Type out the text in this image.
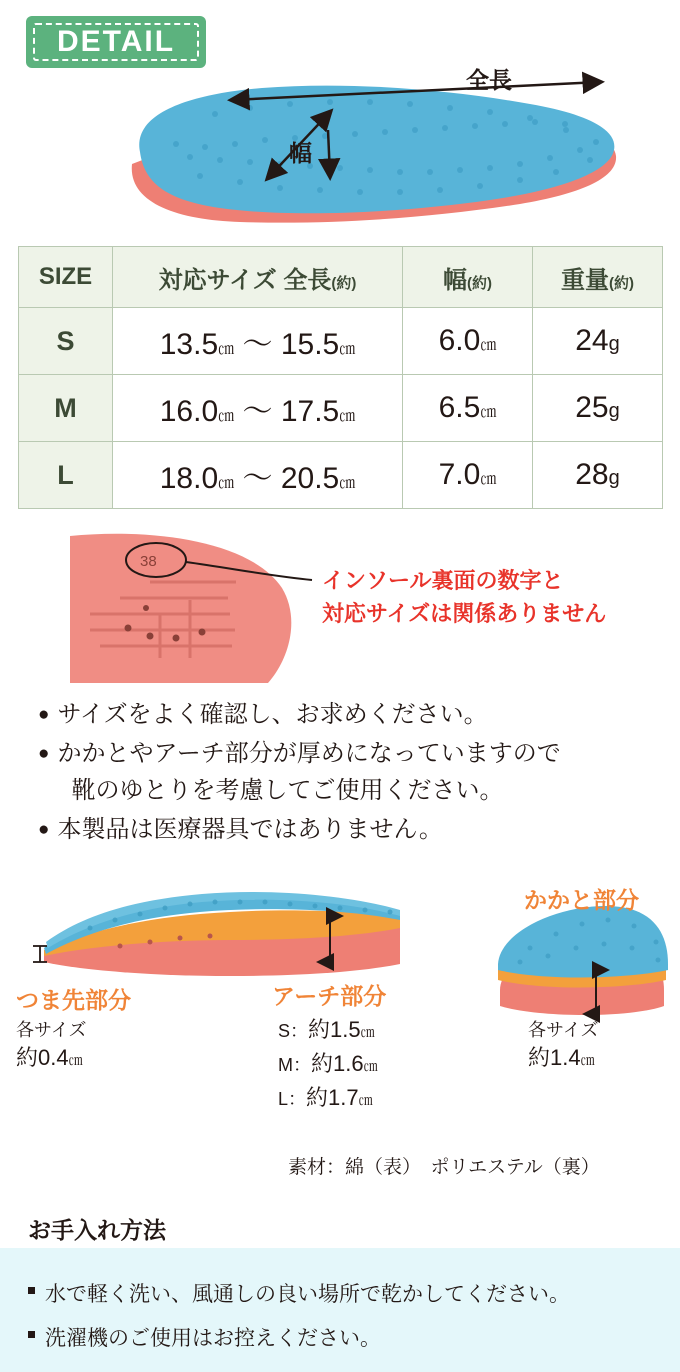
DETAIL
全長
幅
SIZE	対応サイズ 全長(約)	幅(約)	重量(約)
S	13.5㎝ ～ 15.5㎝	6.0㎝	24g
M	16.0㎝ ～ 17.5㎝	6.5㎝	25g
L	18.0㎝ ～ 20.5㎝	7.0㎝	28g
38
インソール裏面の数字と
対応サイズは関係ありません
● サイズをよく確認し、お求めください。
● かかとやアーチ部分が厚めになっていますので
靴のゆとりを考慮してご使用ください。
● 本製品は医療器具ではありません。
かかと部分
つま先部分	アーチ部分
各サイズ
約0.4㎝
各サイズ
約1.4㎝
S：約1.5㎝
M：約1.6㎝
L：約1.7㎝
素材：綿（表）　ポリエステル（裏）
お手入れ方法
水で軽く洗い、風通しの良い場所で乾かしてください。
洗濯機のご使用はお控えください。
